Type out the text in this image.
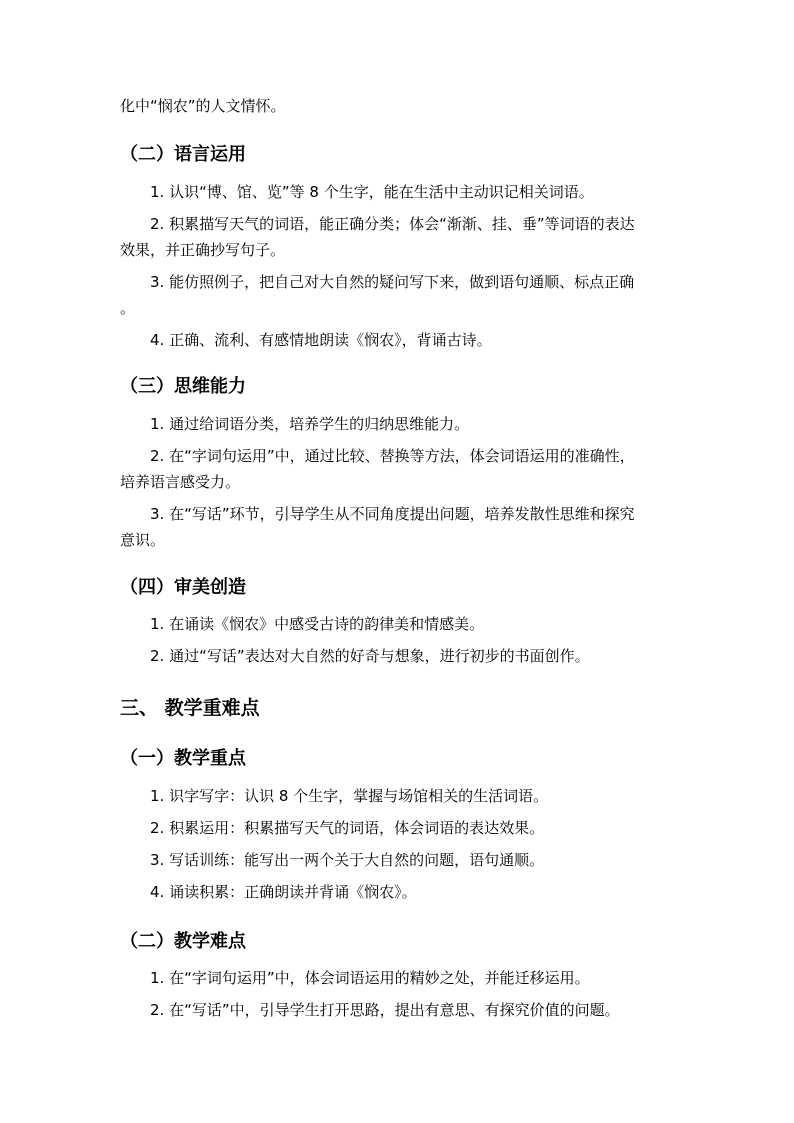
化中“悯农”的人文情怀。
（二）语言运用
1. 认识“博、馆、览”等 8 个生字，能在生活中主动识记相关词语。
2. 积累描写天气的词语，能正确分类；体会“渐渐、挂、垂”等词语的表达
效果，并正确抄写句子。
3. 能仿照例子，把自己对大自然的疑问写下来，做到语句通顺、标点正确
。
4. 正确、流利、有感情地朗读《悯农》，背诵古诗。
（三）思维能力
1. 通过给词语分类，培养学生的归纳思维能力。
2. 在“字词句运用”中，通过比较、替换等方法，体会词语运用的准确性，
培养语言感受力。
3. 在“写话”环节，引导学生从不同角度提出问题，培养发散性思维和探究
意识。
（四）审美创造
1. 在诵读《悯农》中感受古诗的韵律美和情感美。
2. 通过“写话”表达对大自然的好奇与想象，进行初步的书面创作。
三、 教学重难点
（一）教学重点
1. 识字写字：认识 8 个生字，掌握与场馆相关的生活词语。
2. 积累运用：积累描写天气的词语，体会词语的表达效果。
3. 写话训练：能写出一两个关于大自然的问题，语句通顺。
4. 诵读积累：正确朗读并背诵《悯农》。
（二）教学难点
1. 在“字词句运用”中，体会词语运用的精妙之处，并能迁移运用。
2. 在“写话”中，引导学生打开思路，提出有意思、有探究价值的问题。
